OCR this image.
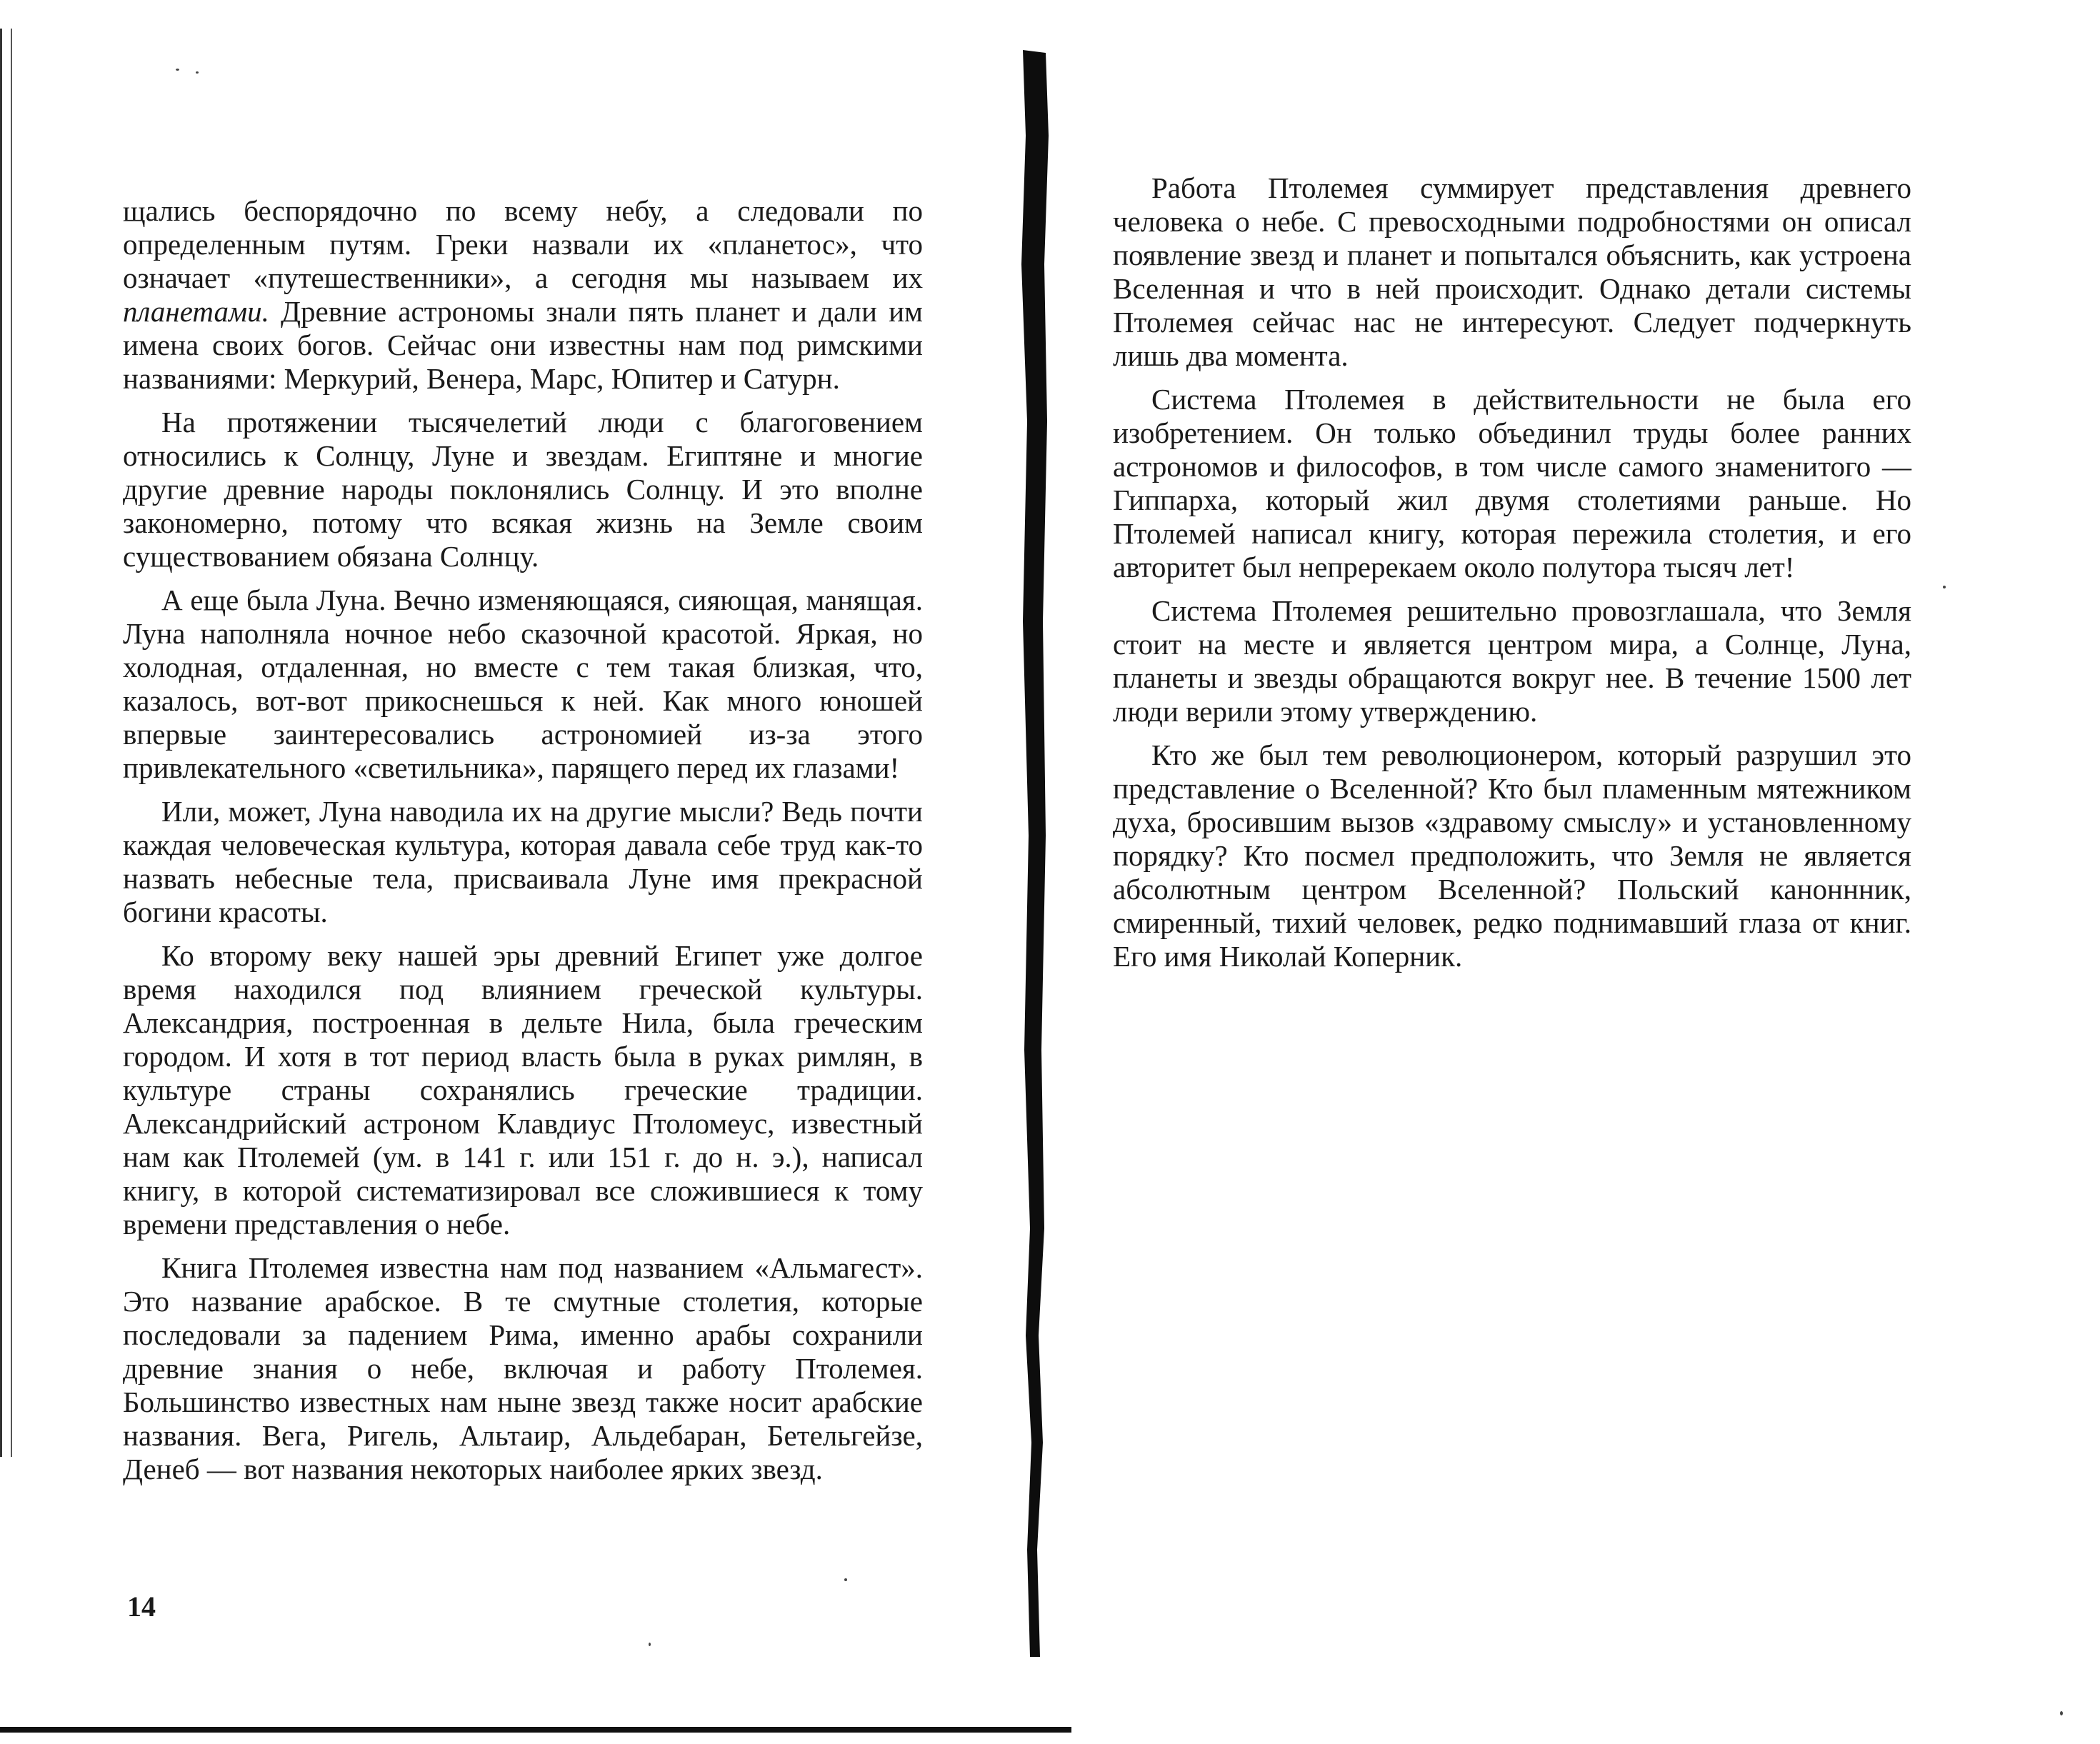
щались беспорядочно по всему небу, а следовали по определенным путям. Греки назвали их «планетос», что означает «путешественники», а сегодня мы называем их планетами. Древние астрономы знали пять планет и дали им имена своих богов. Сейчас они известны нам под римскими названиями: Меркурий, Венера, Марс, Юпитер и Сатурн.

На протяжении тысячелетий люди с благоговением относились к Солнцу, Луне и звездам. Египтяне и многие другие древние народы поклонялись Солнцу. И это вполне закономерно, потому что всякая жизнь на Земле своим существованием обязана Солнцу.

А еще была Луна. Вечно изменяющаяся, сияющая, манящая. Луна наполняла ночное небо сказочной красотой. Яркая, но холодная, отдаленная, но вместе с тем такая близкая, что, казалось, вот-вот прикоснешься к ней. Как много юношей впервые заинтересовались астрономией из-за этого привлекательного «светильника», парящего перед их глазами!

Или, может, Луна наводила их на другие мысли? Ведь почти каждая человеческая культура, которая давала себе труд как-то назвать небесные тела, присваивала Луне имя прекрасной богини красоты.

Ко второму веку нашей эры древний Египет уже долгое время находился под влиянием греческой культуры. Александрия, построенная в дельте Нила, была греческим городом. И хотя в тот период власть была в руках римлян, в культуре страны сохранялись греческие традиции. Александрийский астроном Клавдиус Птоломеус, известный нам как Птолемей (ум. в 141 г. или 151 г. до н. э.), написал книгу, в которой систематизировал все сложившиеся к тому времени представления о небе.

Книга Птолемея известна нам под названием «Альмагест». Это название арабское. В те смутные столетия, которые последовали за падением Рима, именно арабы сохранили древние знания о небе, включая и работу Птолемея. Большинство известных нам ныне звезд также носит арабские названия. Вега, Ригель, Альтаир, Альдебаран, Бетельгейзе, Денеб — вот названия некоторых наиболее ярких звезд.

14

Работа Птолемея суммирует представления древнего человека о небе. С превосходными подробностями он описал появление звезд и планет и попытался объяснить, как устроена Вселенная и что в ней происходит. Однако детали системы Птолемея сейчас нас не интересуют. Следует подчеркнуть лишь два момента.

Система Птолемея в действительности не была его изобретением. Он только объединил труды более ранних астрономов и философов, в том числе самого знаменитого — Гиппарха, который жил двумя столетиями раньше. Но Птолемей написал книгу, которая пережила столетия, и его авторитет был непререкаем около полутора тысяч лет!

Система Птолемея решительно провозглашала, что Земля стоит на месте и является центром мира, а Солнце, Луна, планеты и звезды обращаются вокруг нее. В течение 1500 лет люди верили этому утверждению.

Кто же был тем революционером, который разрушил это представление о Вселенной? Кто был пламенным мятежником духа, бросившим вызов «здравому смыслу» и установленному порядку? Кто посмел предположить, что Земля не является абсолютным центром Вселенной? Польский каноннник, смиренный, тихий человек, редко поднимавший глаза от книг. Его имя Николай Коперник.
